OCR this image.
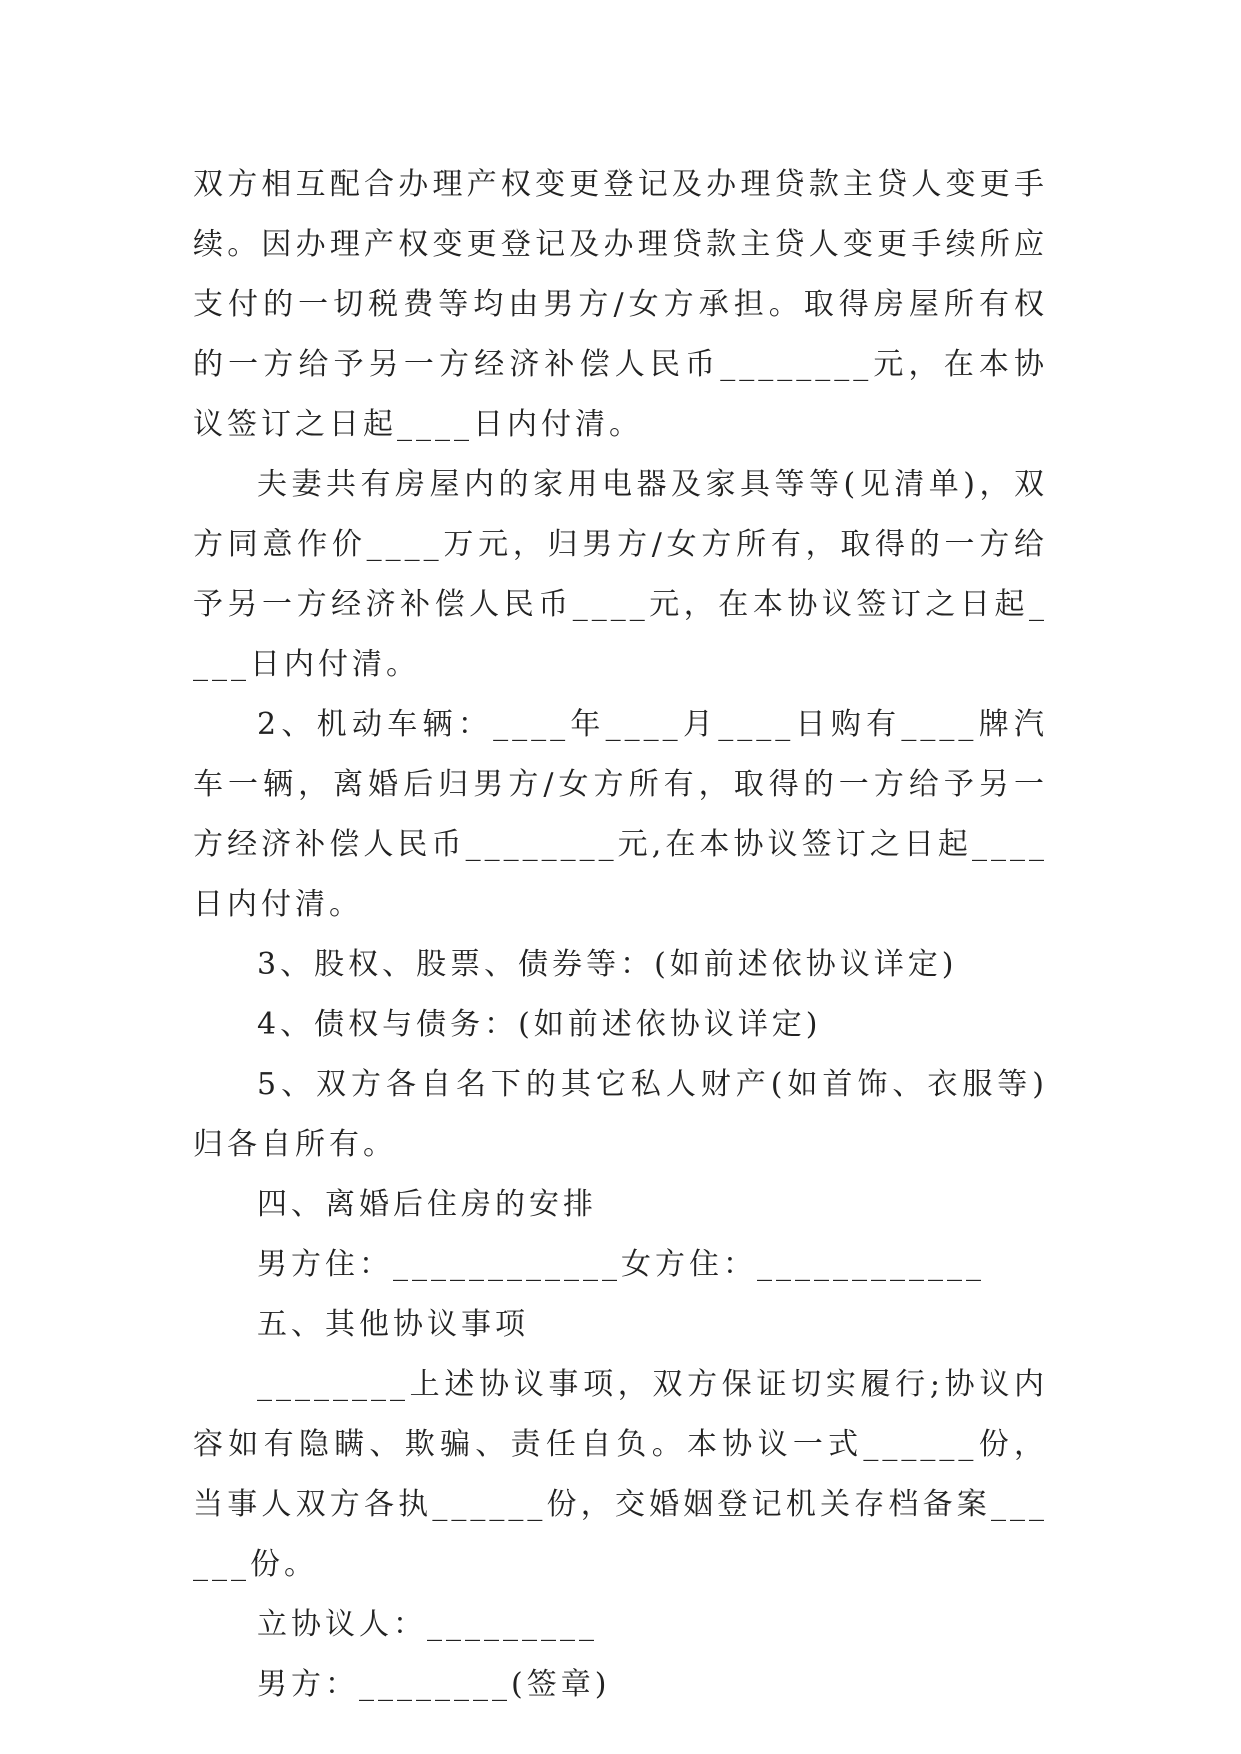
双方相互配合办理产权变更登记及办理贷款主贷人变更手续。因办理产权变更登记及办理贷款主贷人变更手续所应支付的一切税费等均由男方/女方承担。取得房屋所有权的一方给予另一方经济补偿人民币________元，在本协议签订之日起____日内付清。

夫妻共有房屋内的家用电器及家具等等(见清单)，双方同意作价____万元，归男方/女方所有，取得的一方给予另一方经济补偿人民币____元，在本协议签订之日起____日内付清。

2、机动车辆：____年____月____日购有____牌汽车一辆，离婚后归男方/女方所有，取得的一方给予另一方经济补偿人民币________元,在本协议签订之日起____日内付清。

3、股权、股票、债券等：(如前述依协议详定)

4、债权与债务：(如前述依协议详定)

5、双方各自名下的其它私人财产(如首饰、衣服等)归各自所有。

四、离婚后住房的安排

男方住：____________女方住：____________

五、其他协议事项

________上述协议事项，双方保证切实履行;协议内容如有隐瞒、欺骗、责任自负。本协议一式______份，当事人双方各执______份，交婚姻登记机关存档备案______份。

立协议人：_________

男方：________(签章)
